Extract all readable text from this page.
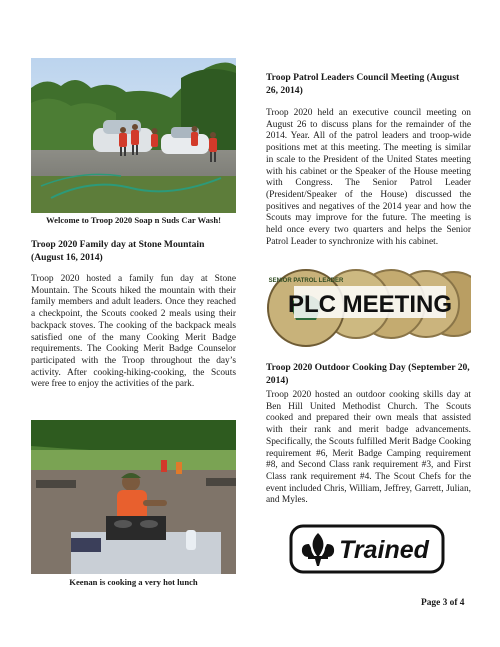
Welcome to Troop 2020 Soap n Suds Car Wash!
Troop 2020 Family day at Stone Mountain (August 16, 2014)

Troop 2020 hosted a family fun day at Stone Mountain. The Scouts hiked the mountain with their family members and adult leaders. Once they reached a checkpoint, the Scouts cooked 2 meals using their backpack stoves. The cooking of the backpack meals satisfied one of the many Cooking Merit Badge requirements. The Cooking Merit Badge Counselor participated with the Troop throughout the day’s activity. After cooking-hiking-cooking, the Scouts were free to enjoy the activities of the park.

Keenan is cooking a very hot lunch
Troop Patrol Leaders Council Meeting (August 26, 2014)

Troop 2020 held an executive council meeting on August 26 to discuss plans for the remainder of the 2014. Year. All of the patrol leaders and troop-wide positions met at this meeting. The meeting is similar in scale to the President of the United States meeting with his cabinet or the Speaker of the House meeting with Congress. The Senior Patrol Leader (President/Speaker of the House) discussed the positives and negatives of the 2014 year and how the Scouts may improve for the future. The meeting is held once every two quarters and helps the Senior Patrol Leader to synchronize with his cabinet.

SENIOR PATROL LEADER
PLC MEETING
Troop 2020 Outdoor Cooking Day (September 20, 2014)

Troop 2020 hosted an outdoor cooking skills day at Ben Hill United Methodist Church. The Scouts cooked and prepared their own meals that assisted with their rank and merit badge advancements. Specifically, the Scouts fulfilled Merit Badge Cooking requirement #6, Merit Badge Camping requirement #8, and Second Class rank requirement #3, and First Class rank requirement #4. The Scout Chefs for the event included Chris, William, Jeffrey, Garrett, Julian, and Myles.

Trained
Page 3 of 4
